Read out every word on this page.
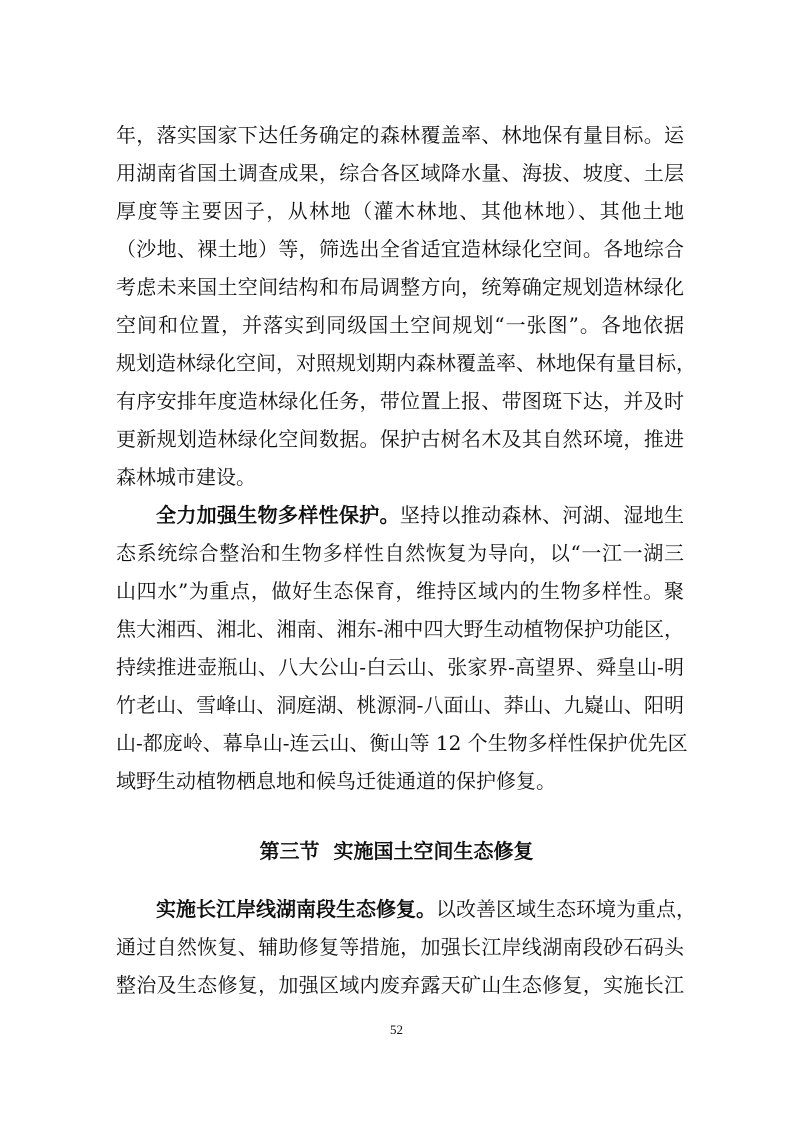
年，落实国家下达任务确定的森林覆盖率、林地保有量目标。运
用湖南省国土调查成果，综合各区域降水量、海拔、坡度、土层
厚度等主要因子，从林地（灌木林地、其他林地）、其他土地
（沙地、裸土地）等，筛选出全省适宜造林绿化空间。各地综合
考虑未来国土空间结构和布局调整方向，统筹确定规划造林绿化
空间和位置，并落实到同级国土空间规划“一张图”。各地依据
规划造林绿化空间，对照规划期内森林覆盖率、林地保有量目标，
有序安排年度造林绿化任务，带位置上报、带图斑下达，并及时
更新规划造林绿化空间数据。保护古树名木及其自然环境，推进
森林城市建设。
全力加强生物多样性保护。坚持以推动森林、河湖、湿地生
态系统综合整治和生物多样性自然恢复为导向，以“一江一湖三
山四水”为重点，做好生态保育，维持区域内的生物多样性。聚
焦大湘西、湘北、湘南、湘东-湘中四大野生动植物保护功能区，
持续推进壶瓶山、八大公山-白云山、张家界-高望界、舜皇山-明
竹老山、雪峰山、洞庭湖、桃源洞-八面山、莽山、九嶷山、阳明
山-都庞岭、幕阜山-连云山、衡山等 12 个生物多样性保护优先区
域野生动植物栖息地和候鸟迁徙通道的保护修复。
第三节  实施国土空间生态修复
实施长江岸线湖南段生态修复。以改善区域生态环境为重点，
通过自然恢复、辅助修复等措施，加强长江岸线湖南段砂石码头
整治及生态修复，加强区域内废弃露天矿山生态修复，实施长江
52
